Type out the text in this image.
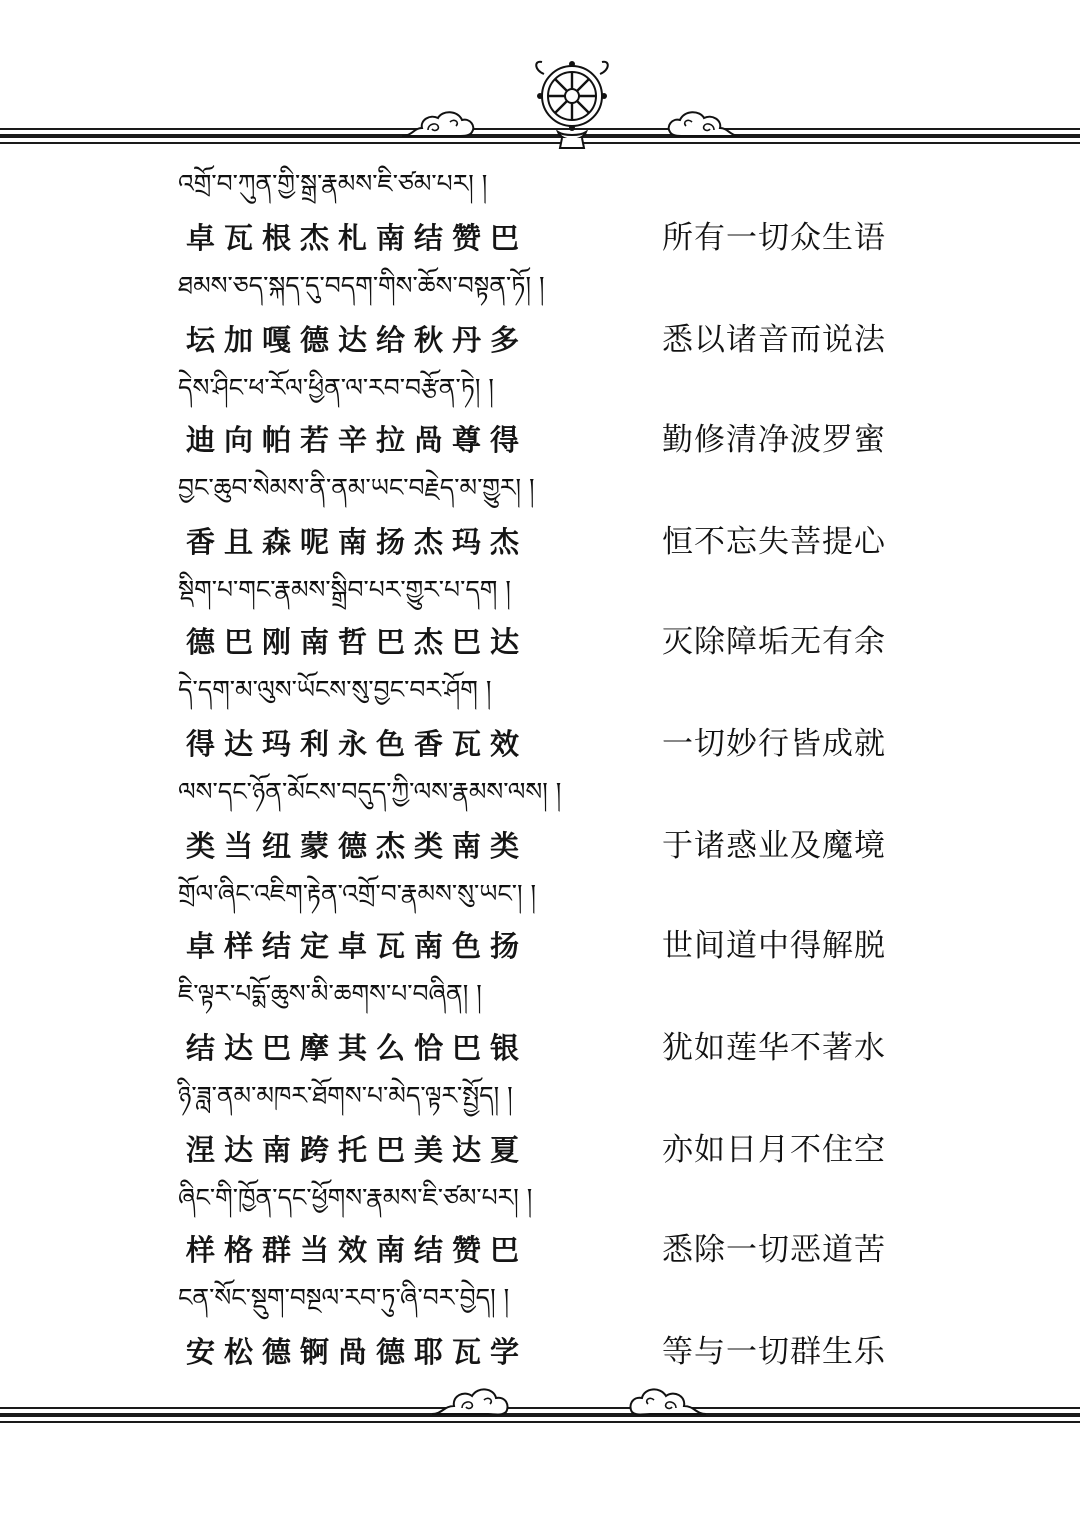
འགྲོ་བ་ཀུན་གྱི་སྒྲ་རྣམས་ཇི་ཙམ་པར། །
卓瓦根杰札南结赞巴	所有一切众生语
ཐམས་ཅད་སྐད་དུ་བདག་གིས་ཆོས་བསྟན་ཏོ། །
坛加嘎德达给秋丹多	悉以诸音而说法
དེས་ཤིང་ཕ་རོལ་ཕྱིན་ལ་རབ་བརྩོན་ཏེ། །
迪向帕若辛拉咼尊得	勤修清净波罗蜜
བྱང་ཆུབ་སེམས་ནི་ནམ་ཡང་བརྗེད་མ་གྱུར། །
香且森呢南扬杰玛杰	恒不忘失菩提心
སྡིག་པ་གང་རྣམས་སྒྲིབ་པར་གྱུར་པ་དག །
德巴刚南哲巴杰巴达	灭除障垢无有余
དེ་དག་མ་ལུས་ཡོངས་སུ་བྱང་བར་ཤོག །
得达玛利永色香瓦效	一切妙行皆成就
ལས་དང་ཉོན་མོངས་བདུད་ཀྱི་ལས་རྣམས་ལས། །
类当纽蒙德杰类南类	于诸惑业及魔境
གྲོལ་ཞིང་འཇིག་རྟེན་འགྲོ་བ་རྣམས་སུ་ཡང་། །
卓样结定卓瓦南色扬	世间道中得解脱
ཇི་ལྟར་པདྨོ་ཆུས་མི་ཆགས་པ་བཞིན། །
结达巴摩其么恰巴银	犹如莲华不著水
ཉི་ཟླ་ནམ་མཁར་ཐོགས་པ་མེད་ལྟར་སྤྱོད། །
涅达南跨托巴美达夏	亦如日月不住空
ཞིང་གི་ཁྱོན་དང་ཕྱོགས་རྣམས་ཇི་ཙམ་པར། །
样格群当效南结赞巴	悉除一切恶道苦
ངན་སོང་སྡུག་བསྔལ་རབ་ཏུ་ཞི་བར་བྱེད། །
安松德锕咼德耶瓦学	等与一切群生乐
